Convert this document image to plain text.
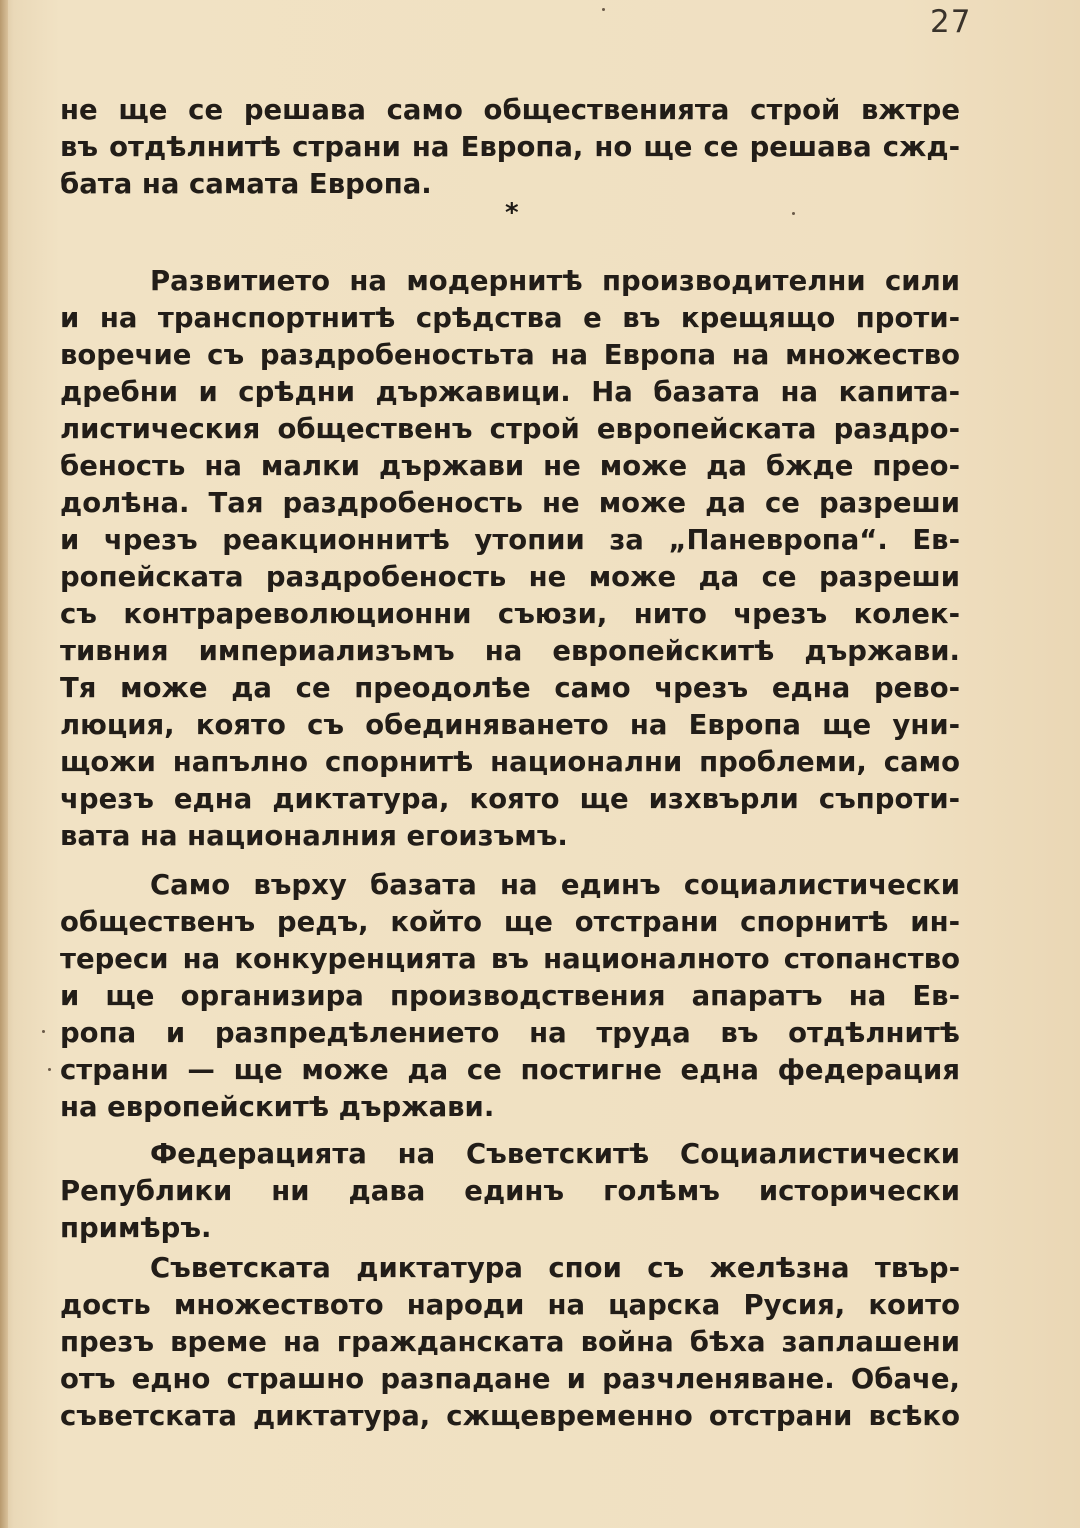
27
не ще се решава само общественията строй вжтре
въ отдѣлнитѣ страни на Европа, но ще се решава сжд-
бата на самата Европа.
*
Развитието на модернитѣ производителни сили
и на транспортнитѣ срѣдства е въ крещящо проти-
воречие съ раздробеностьта на Европа на множество
дребни и срѣдни държавици. На базата на капита-
листическия общественъ строй европейската раздро-
беность на малки държави не може да бжде прео-
долѣна. Тая раздробеность не може да се разреши
и чрезъ реакционнитѣ утопии за „Паневропа“. Ев-
ропейската раздробеность не може да се разреши
съ контрареволюционни съюзи, нито чрезъ колек-
тивния империализъмъ на европейскитѣ държави.
Тя може да се преодолѣе само чрезъ една рево-
люция, която съ обединяването на Европа ще уни-
щожи напълно спорнитѣ национални проблеми, само
чрезъ една диктатура, която ще изхвърли съпроти-
вата на националния егоизъмъ.
Само върху базата на единъ социалистически
общественъ редъ, който ще отстрани спорнитѣ ин-
тереси на конкуренцията въ националното стопанство
и ще организира производствения апаратъ на Ев-
ропа и разпредѣлението на труда въ отдѣлнитѣ
страни — ще може да се постигне една федерация
на европейскитѣ държави.
Федерацията на Съветскитѣ Социалистически
Републики ни дава единъ голѣмъ исторически
примѣръ.
Съветската диктатура спои съ желѣзна твър-
дость множеството народи на царска Русия, които
презъ време на гражданската война бѣха заплашени
отъ едно страшно разпадане и разчленяване. Обаче,
съветската диктатура, сжщевременно отстрани всѣко
